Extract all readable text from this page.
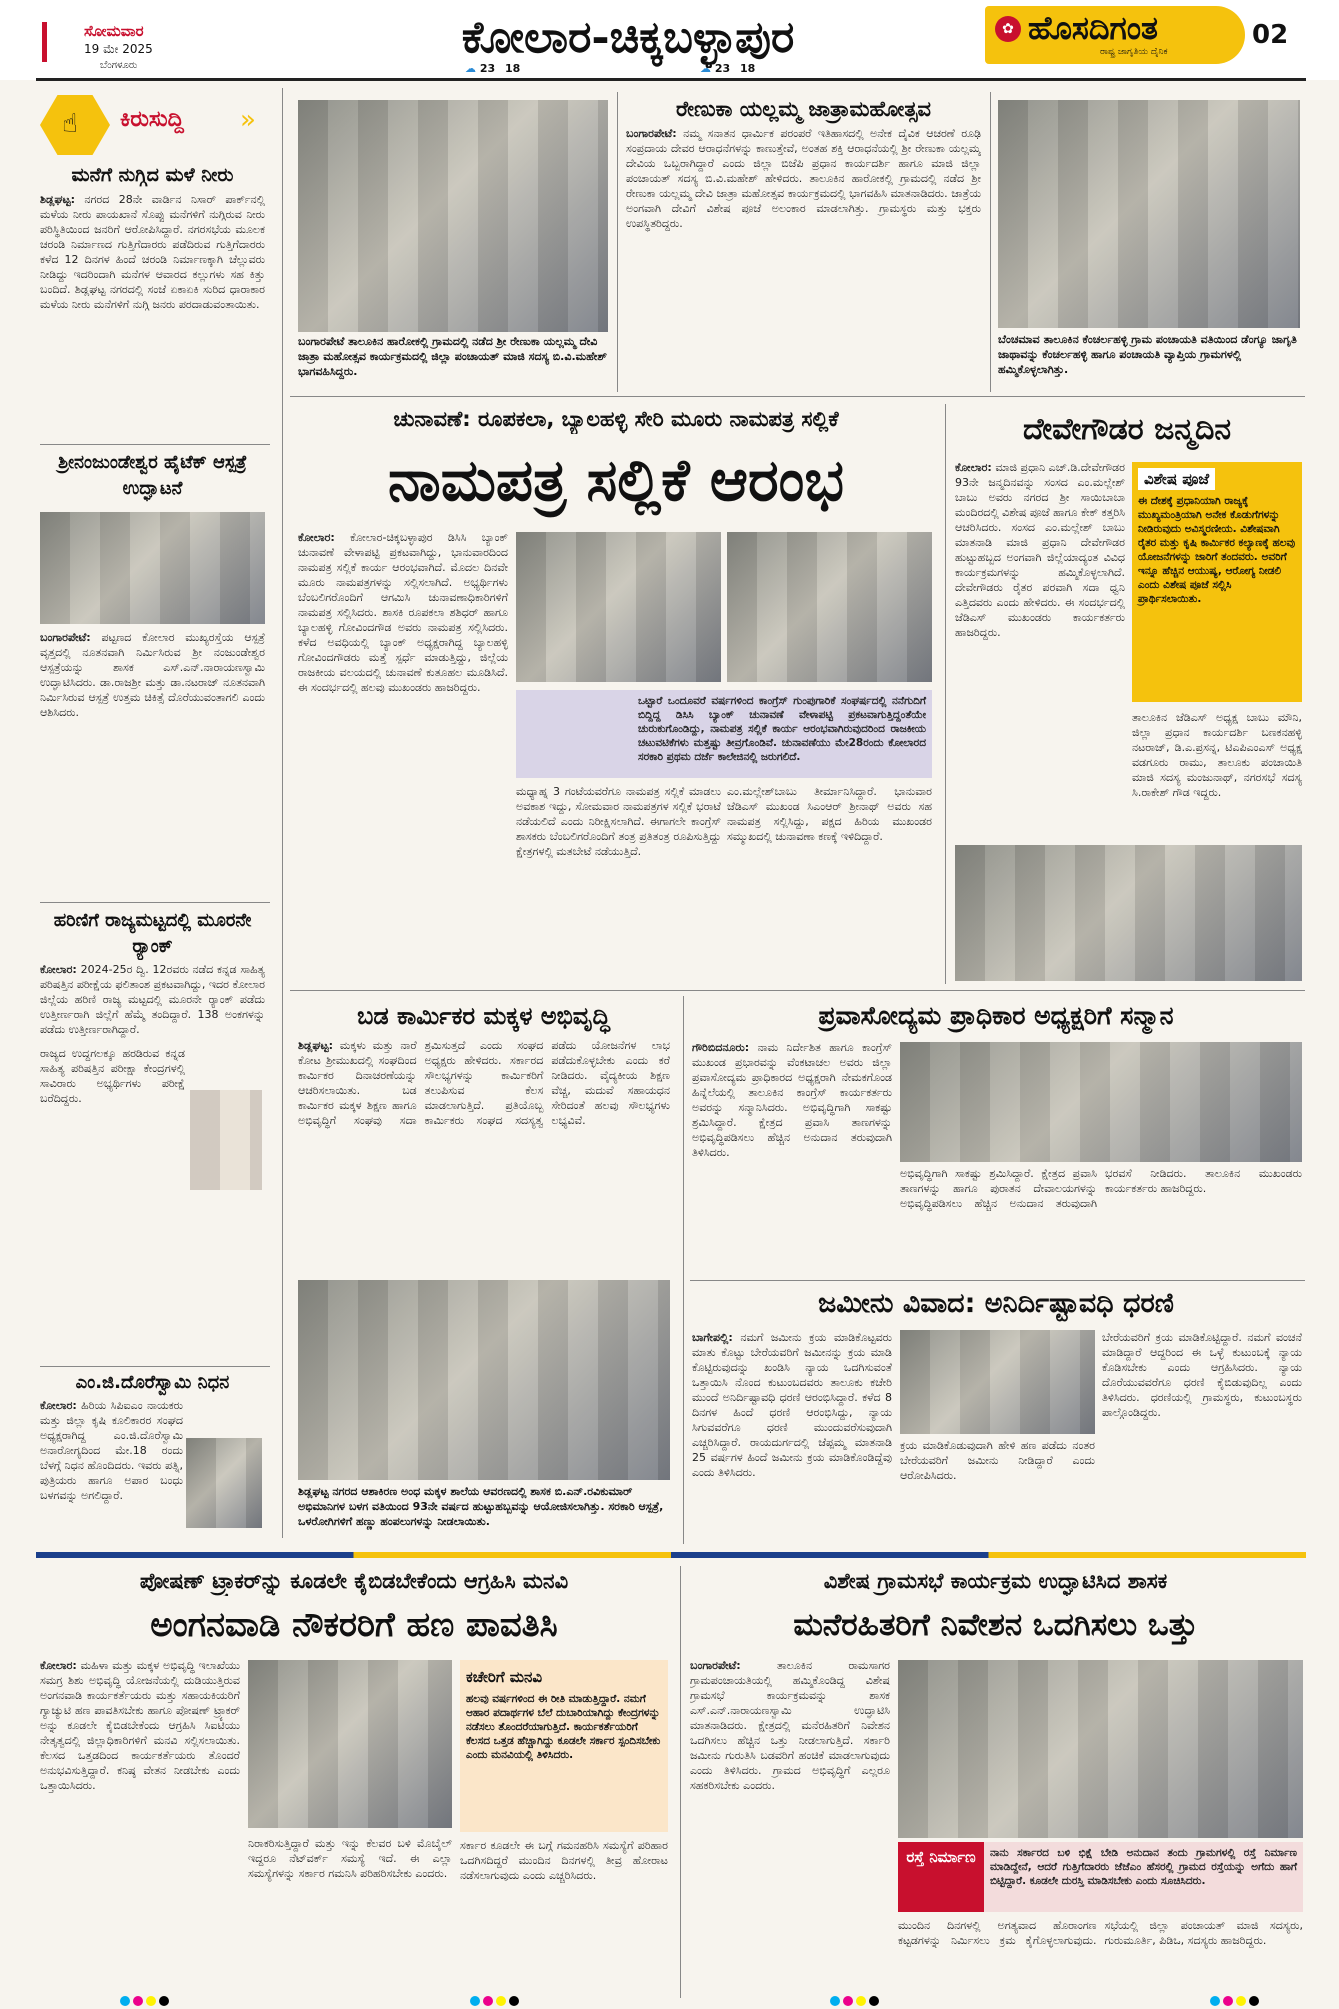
ಸೋಮವಾರ
19 ಮೇ 2025
ಬೆಂಗಳೂರು
ಕೋಲಾರ-ಚಿಕ್ಕಬಳ್ಳಾಪುರ
☁ 23 18	☁ 23 18
✿ ಹೊಸದಿಗಂತ
ರಾಷ್ಟ್ರ ಜಾಗೃತಿಯ ದೈನಿಕ
02
☝ ಕಿರುಸುದ್ದಿ »
ಮನೆಗೆ ನುಗ್ಗಿದ ಮಳೆ ನೀರು
ಶಿಡ್ಲಘಟ್ಟ: ನಗರದ 28ನೇ ವಾರ್ಡಿನ ನಿಸಾರ್ ಪಾರ್ಕ್‌ನಲ್ಲಿ ಮಳೆಯ ನೀರು ಪಾಯಖಾನೆ ಸೊಪ್ಪು ಮನೆಗಳಿಗೆ ನುಗ್ಗಿರುವ ನೀರು ಪರಿಸ್ಥಿತಿಯಿಂದ ಜನರಿಗೆ ಆರೋಪಿಸಿದ್ದಾರೆ. ನಗರಸಭೆಯ ಮೂಲಕ ಚರಂಡಿ ನಿರ್ಮಾಣದ ಗುತ್ತಿಗೆದಾರರು ಪಡೆದಿರುವ ಗುತ್ತಿಗೆದಾರರು ಕಳೆದ 12 ದಿನಗಳ ಹಿಂದೆ ಚರಂಡಿ ನಿರ್ಮಾಣಕ್ಕಾಗಿ ಚೆಲ್ಲುವರು ನೀಡಿದ್ದು ಇದರಿಂದಾಗಿ ಮನೆಗಳ ಆವಾರದ ಕಲ್ಲುಗಳು ಸಹ ಕಿತ್ತು ಬಂದಿದೆ. ಶಿಡ್ಲಘಟ್ಟ ನಗರದಲ್ಲಿ ಸಂಜೆ ಏಕಾಏಕಿ ಸುರಿದ ಧಾರಾಕಾರ ಮಳೆಯ ನೀರು ಮನೆಗಳಿಗೆ ನುಗ್ಗಿ ಜನರು ಪರದಾಡುವಂತಾಯಿತು.
ಶ್ರೀನಂಜುಂಡೇಶ್ವರ ಹೈಟೆಕ್ ಆಸ್ಪತ್ರೆ ಉದ್ಘಾಟನೆ
ಬಂಗಾರಪೇಟೆ: ಪಟ್ಟಣದ ಕೋಲಾರ ಮುಖ್ಯರಸ್ತೆಯ ಆಸ್ಪತ್ರೆ ವೃತ್ತದಲ್ಲಿ ನೂತನವಾಗಿ ನಿರ್ಮಿಸಿರುವ ಶ್ರೀ ನಂಜುಂಡೇಶ್ವರ ಆಸ್ಪತ್ರೆಯನ್ನು ಶಾಸಕ ಎಸ್.ಎನ್.ನಾರಾಯಣಸ್ವಾಮಿ ಉದ್ಘಾಟಿಸಿದರು. ಡಾ.ರಾಜಶ್ರೀ ಮತ್ತು ಡಾ.ನಟರಾಜ್ ನೂತನವಾಗಿ ನಿರ್ಮಿಸಿರುವ ಆಸ್ಪತ್ರೆ ಉತ್ತಮ ಚಿಕಿತ್ಸೆ ದೊರೆಯುವಂತಾಗಲಿ ಎಂದು ಆಶಿಸಿದರು.
ಹರಿಣಿಗೆ ರಾಜ್ಯಮಟ್ಟದಲ್ಲಿ ಮೂರನೇ ರ್‍ಯಾಂಕ್
ಕೋಲಾರ: 2024-25ರ ದ್ವಿ. 12ರವರು ನಡೆದ ಕನ್ನಡ ಸಾಹಿತ್ಯ ಪರಿಷತ್ತಿನ ಪರೀಕ್ಷೆಯ ಫಲಿತಾಂಶ ಪ್ರಕಟವಾಗಿದ್ದು, ಇದರ ಕೋಲಾರ ಜಿಲ್ಲೆಯ ಹರಿಣಿ ರಾಜ್ಯ ಮಟ್ಟದಲ್ಲಿ ಮೂರನೇ ರ್‍ಯಾಂಕ್ ಪಡೆದು ಉತ್ತೀರ್ಣರಾಗಿ ಜಿಲ್ಲೆಗೆ ಹೆಮ್ಮೆ ತಂದಿದ್ದಾರೆ. 138 ಅಂಕಗಳನ್ನು ಪಡೆದು ಉತ್ತೀರ್ಣರಾಗಿದ್ದಾರೆ.
ರಾಜ್ಯದ ಉದ್ದಗಲಕ್ಕೂ ಹರಡಿರುವ ಕನ್ನಡ ಸಾಹಿತ್ಯ ಪರಿಷತ್ತಿನ ಪರೀಕ್ಷಾ ಕೇಂದ್ರಗಳಲ್ಲಿ ಸಾವಿರಾರು ಅಭ್ಯರ್ಥಿಗಳು ಪರೀಕ್ಷೆ ಬರೆದಿದ್ದರು.
ಎಂ.ಜಿ.ದೊರೆಸ್ವಾಮಿ ನಿಧನ
ಕೋಲಾರ: ಹಿರಿಯ ಸಿಪಿಐಎಂ ನಾಯಕರು ಮತ್ತು ಜಿಲ್ಲಾ ಕೃಷಿ ಕೂಲಿಕಾರರ ಸಂಘದ ಅಧ್ಯಕ್ಷರಾಗಿದ್ದ ಎಂ.ಜಿ.ದೊರೆಸ್ವಾಮಿ ಅನಾರೋಗ್ಯದಿಂದ ಮೇ.18 ರಂದು ಬೆಳಗ್ಗೆ ನಿಧನ ಹೊಂದಿದರು. ಇವರು ಪತ್ನಿ, ಪುತ್ರಿಯರು ಹಾಗೂ ಅಪಾರ ಬಂಧು ಬಳಗವನ್ನು ಅಗಲಿದ್ದಾರೆ.
ಬಂಗಾರಪೇಟೆ ತಾಲೂಕಿನ ಹಾರೋಕಲ್ಲಿ ಗ್ರಾಮದಲ್ಲಿ ನಡೆದ ಶ್ರೀ ರೇಣುಕಾ ಯಲ್ಲಮ್ಮ ದೇವಿ ಜಾತ್ರಾ ಮಹೋತ್ಸವ ಕಾರ್ಯಕ್ರಮದಲ್ಲಿ ಜಿಲ್ಲಾ ಪಂಚಾಯತ್ ಮಾಜಿ ಸದಸ್ಯ ಬಿ.ವಿ.ಮಹೇಶ್ ಭಾಗವಹಿಸಿದ್ದರು.
ರೇಣುಕಾ ಯಲ್ಲಮ್ಮ ಜಾತ್ರಾಮಹೋತ್ಸವ
ಬಂಗಾರಪೇಟೆ: ನಮ್ಮ ಸನಾತನ ಧಾರ್ಮಿಕ ಪರಂಪರೆ ಇತಿಹಾಸದಲ್ಲಿ ಅನೇಕ ದೈವಿಕ ಆಚರಣೆ ರೂಢಿ ಸಂಪ್ರದಾಯ ದೇವರ ಆರಾಧನೆಗಳನ್ನು ಕಾಣುತ್ತೇವೆ, ಅಂತಹ ಶಕ್ತಿ ಆರಾಧನೆಯಲ್ಲಿ ಶ್ರೀ ರೇಣುಕಾ ಯಲ್ಲಮ್ಮ ದೇವಿಯ ಒಬ್ಬರಾಗಿದ್ದಾರೆ ಎಂದು ಜಿಲ್ಲಾ ಬಿಜೆಪಿ ಪ್ರಧಾನ ಕಾರ್ಯದರ್ಶಿ ಹಾಗೂ ಮಾಜಿ ಜಿಲ್ಲಾ ಪಂಚಾಯತ್ ಸದಸ್ಯ ಬಿ.ವಿ.ಮಹೇಶ್ ಹೇಳಿದರು. ತಾಲೂಕಿನ ಹಾರೋಕಲ್ಲಿ ಗ್ರಾಮದಲ್ಲಿ ನಡೆದ ಶ್ರೀ ರೇಣುಕಾ ಯಲ್ಲಮ್ಮ ದೇವಿ ಜಾತ್ರಾ ಮಹೋತ್ಸವ ಕಾರ್ಯಕ್ರಮದಲ್ಲಿ ಭಾಗವಹಿಸಿ ಮಾತನಾಡಿದರು. ಜಾತ್ರೆಯ ಅಂಗವಾಗಿ ದೇವಿಗೆ ವಿಶೇಷ ಪೂಜೆ ಅಲಂಕಾರ ಮಾಡಲಾಗಿತ್ತು. ಗ್ರಾಮಸ್ಥರು ಮತ್ತು ಭಕ್ತರು ಉಪಸ್ಥಿತರಿದ್ದರು.
ಬೆಂಚಮಾವ ತಾಲೂಕಿನ ಕೆಂಚರ್ಲಹಳ್ಳಿ ಗ್ರಾಮ ಪಂಚಾಯತಿ ವತಿಯಿಂದ ಡೆಂಗ್ಯೂ ಜಾಗೃತಿ ಜಾಥಾವನ್ನು ಕೆಂಚರ್ಲಹಳ್ಳಿ ಹಾಗೂ ಪಂಚಾಯತಿ ವ್ಯಾಪ್ತಿಯ ಗ್ರಾಮಗಳಲ್ಲಿ ಹಮ್ಮಿಕೊಳ್ಳಲಾಗಿತ್ತು.
ಚುನಾವಣೆ: ರೂಪಕಲಾ, ಬ್ಯಾಲಹಳ್ಳಿ ಸೇರಿ ಮೂರು ನಾಮಪತ್ರ ಸಲ್ಲಿಕೆ
ನಾಮಪತ್ರ ಸಲ್ಲಿಕೆ ಆರಂಭ
ಕೋಲಾರ: ಕೋಲಾರ-ಚಿಕ್ಕಬಳ್ಳಾಪುರ ಡಿಸಿಸಿ ಬ್ಯಾಂಕ್ ಚುನಾವಣೆ ವೇಳಾಪಟ್ಟಿ ಪ್ರಕಟವಾಗಿದ್ದು, ಭಾನುವಾರದಿಂದ ನಾಮಪತ್ರ ಸಲ್ಲಿಕೆ ಕಾರ್ಯ ಆರಂಭವಾಗಿದೆ. ಮೊದಲ ದಿನವೇ ಮೂರು ನಾಮಪತ್ರಗಳನ್ನು ಸಲ್ಲಿಸಲಾಗಿದೆ. ಅಭ್ಯರ್ಥಿಗಳು ಬೆಂಬಲಿಗರೊಂದಿಗೆ ಆಗಮಿಸಿ ಚುನಾವಣಾಧಿಕಾರಿಗಳಿಗೆ ನಾಮಪತ್ರ ಸಲ್ಲಿಸಿದರು. ಶಾಸಕಿ ರೂಪಕಲಾ ಶಶಿಧರ್ ಹಾಗೂ ಬ್ಯಾಲಹಳ್ಳಿ ಗೋವಿಂದಗೌಡ ಅವರು ನಾಮಪತ್ರ ಸಲ್ಲಿಸಿದರು. ಕಳೆದ ಅವಧಿಯಲ್ಲಿ ಬ್ಯಾಂಕ್ ಅಧ್ಯಕ್ಷರಾಗಿದ್ದ ಬ್ಯಾಲಹಳ್ಳಿ ಗೋವಿಂದಗೌಡರು ಮತ್ತೆ ಸ್ಪರ್ಧೆ ಮಾಡುತ್ತಿದ್ದು, ಜಿಲ್ಲೆಯ ರಾಜಕೀಯ ವಲಯದಲ್ಲಿ ಚುನಾವಣೆ ಕುತೂಹಲ ಮೂಡಿಸಿದೆ. ಈ ಸಂದರ್ಭದಲ್ಲಿ ಹಲವು ಮುಖಂಡರು ಹಾಜರಿದ್ದರು.
ಒಟ್ಟಾರೆ ಒಂದೂವರೆ ವರ್ಷಗಳಿಂದ ಕಾಂಗ್ರೆಸ್ ಗುಂಪುಗಾರಿಕೆ ಸಂಘರ್ಷದಲ್ಲಿ ನನೆಗುದಿಗೆ ಬಿದ್ದಿದ್ದ ಡಿಸಿಸಿ ಬ್ಯಾಂಕ್ ಚುನಾವಣೆ ವೇಳಾಪಟ್ಟಿ ಪ್ರಕಟವಾಗುತ್ತಿದ್ದಂತೆಯೇ ಚುರುಕುಗೊಂಡಿದ್ದು, ನಾಮಪತ್ರ ಸಲ್ಲಿಕೆ ಕಾರ್ಯ ಆರಂಭವಾಗಿರುವುದರಿಂದ ರಾಜಕೀಯ ಚಟುವಟಿಕೆಗಳು ಮತ್ತಷ್ಟು ತೀವ್ರಗೊಂಡಿವೆ. ಚುನಾವಣೆಯು ಮೇ28ರಂದು ಕೋಲಾರದ ಸರಕಾರಿ ಪ್ರಥಮ ದರ್ಜೆ ಕಾಲೇಜಿನಲ್ಲಿ ಜರುಗಲಿದೆ.
ಮಧ್ಯಾಹ್ನ 3 ಗಂಟೆಯವರೆಗೂ ನಾಮಪತ್ರ ಸಲ್ಲಿಕೆ ಮಾಡಲು ಅವಕಾಶ ಇದ್ದು, ಸೋಮವಾರ ನಾಮಪತ್ರಗಳ ಸಲ್ಲಿಕೆ ಭರಾಟೆ ನಡೆಯಲಿದೆ ಎಂದು ನಿರೀಕ್ಷಿಸಲಾಗಿದೆ. ಈಗಾಗಲೇ ಕಾಂಗ್ರೆಸ್ ಶಾಸಕರು ಬೆಂಬಲಿಗರೊಂದಿಗೆ ತಂತ್ರ ಪ್ರತಿತಂತ್ರ ರೂಪಿಸುತ್ತಿದ್ದು ಕ್ಷೇತ್ರಗಳಲ್ಲಿ ಮತಬೇಟೆ ನಡೆಯುತ್ತಿದೆ.
ಎಂ.ಮಲ್ಲೇಶ್‌ಬಾಬು ತೀರ್ಮಾನಿಸಿದ್ದಾರೆ. ಭಾನುವಾರ ಜೆಡಿಎಸ್ ಮುಖಂಡ ಸಿಎಂಆರ್ ಶ್ರೀನಾಥ್ ಅವರು ಸಹ ನಾಮಪತ್ರ ಸಲ್ಲಿಸಿದ್ದು, ಪಕ್ಷದ ಹಿರಿಯ ಮುಖಂಡರ ಸಮ್ಮುಖದಲ್ಲಿ ಚುನಾವಣಾ ಕಣಕ್ಕೆ ಇಳಿದಿದ್ದಾರೆ.
ದೇವೇಗೌಡರ ಜನ್ಮದಿನ
ಕೋಲಾರ: ಮಾಜಿ ಪ್ರಧಾನಿ ಎಚ್.ಡಿ.ದೇವೇಗೌಡರ 93ನೇ ಜನ್ಮದಿನವನ್ನು ಸಂಸದ ಎಂ.ಮಲ್ಲೇಶ್ ಬಾಬು ಅವರು ನಗರದ ಶ್ರೀ ಸಾಯಿಬಾಬಾ ಮಂದಿರದಲ್ಲಿ ವಿಶೇಷ ಪೂಜೆ ಹಾಗೂ ಕೇಕ್ ಕತ್ತರಿಸಿ ಆಚರಿಸಿದರು. ಸಂಸದ ಎಂ.ಮಲ್ಲೇಶ್ ಬಾಬು ಮಾತನಾಡಿ ಮಾಜಿ ಪ್ರಧಾನಿ ದೇವೇಗೌಡರ ಹುಟ್ಟುಹಬ್ಬದ ಅಂಗವಾಗಿ ಜಿಲ್ಲೆಯಾದ್ಯಂತ ವಿವಿಧ ಕಾರ್ಯಕ್ರಮಗಳನ್ನು ಹಮ್ಮಿಕೊಳ್ಳಲಾಗಿದೆ. ದೇವೇಗೌಡರು ರೈತರ ಪರವಾಗಿ ಸದಾ ಧ್ವನಿ ಎತ್ತಿದವರು ಎಂದು ಹೇಳಿದರು. ಈ ಸಂದರ್ಭದಲ್ಲಿ ಜೆಡಿಎಸ್ ಮುಖಂಡರು ಕಾರ್ಯಕರ್ತರು ಹಾಜರಿದ್ದರು.
ವಿಶೇಷ ಪೂಜೆ
ಈ ದೇಶಕ್ಕೆ ಪ್ರಧಾನಿಯಾಗಿ ರಾಜ್ಯಕ್ಕೆ ಮುಖ್ಯಮಂತ್ರಿಯಾಗಿ ಅನೇಕ ಕೊಡುಗೆಗಳನ್ನು ನೀಡಿರುವುದು ಅವಿಸ್ಮರಣೀಯ. ವಿಶೇಷವಾಗಿ ರೈತರ ಮತ್ತು ಕೃಷಿ ಕಾರ್ಮಿಕರ ಕಲ್ಯಾಣಕ್ಕೆ ಹಲವು ಯೋಜನೆಗಳನ್ನು ಜಾರಿಗೆ ತಂದವರು. ಅವರಿಗೆ ಇನ್ನೂ ಹೆಚ್ಚಿನ ಆಯುಷ್ಯ, ಆರೋಗ್ಯ ನೀಡಲಿ ಎಂದು ವಿಶೇಷ ಪೂಜೆ ಸಲ್ಲಿಸಿ ಪ್ರಾರ್ಥಿಸಲಾಯಿತು.
ತಾಲೂಕಿನ ಜೆಡಿಎಸ್ ಅಧ್ಯಕ್ಷ ಬಾಬು ಮೌನಿ, ಜಿಲ್ಲಾ ಪ್ರಧಾನ ಕಾರ್ಯದರ್ಶಿ ಬಣಕನಹಳ್ಳಿ ನಟರಾಜ್, ಡಿ.ಎ.ಪ್ರಸನ್ನ, ಟಿಎಪಿಎಂಎಸ್ ಅಧ್ಯಕ್ಷ ವಡಗೂರು ರಾಮು, ತಾಲೂಕು ಪಂಚಾಯಿತಿ ಮಾಜಿ ಸದಸ್ಯ ಮಂಜುನಾಥ್, ನಗರಸಭೆ ಸದಸ್ಯ ಸಿ.ರಾಕೇಶ್ ಗೌಡ ಇದ್ದರು.
ಬಡ ಕಾರ್ಮಿಕರ ಮಕ್ಕಳ ಅಭಿವೃದ್ಧಿ
ಶಿಡ್ಲಘಟ್ಟ: ಮಕ್ಕಳು ಮತ್ತು ನಾರೆ ಕೋಟ ಶ್ರೀಮುಖದಲ್ಲಿ ಸಂಘದಿಂದ ಕಾರ್ಮಿಕರ ದಿನಾಚರಣೆಯನ್ನು ಆಚರಿಸಲಾಯಿತು. ಬಡ ಕಾರ್ಮಿಕರ ಮಕ್ಕಳ ಶಿಕ್ಷಣ ಹಾಗೂ ಅಭಿವೃದ್ಧಿಗೆ ಸಂಘವು ಸದಾ ಶ್ರಮಿಸುತ್ತದೆ ಎಂದು ಸಂಘದ ಅಧ್ಯಕ್ಷರು ಹೇಳಿದರು. ಸರ್ಕಾರದ ಸೌಲಭ್ಯಗಳನ್ನು ಕಾರ್ಮಿಕರಿಗೆ ತಲುಪಿಸುವ ಕೆಲಸ ಮಾಡಲಾಗುತ್ತಿದೆ. ಪ್ರತಿಯೊಬ್ಬ ಕಾರ್ಮಿಕರು ಸಂಘದ ಸದಸ್ಯತ್ವ ಪಡೆದು ಯೋಜನೆಗಳ ಲಾಭ ಪಡೆದುಕೊಳ್ಳಬೇಕು ಎಂದು ಕರೆ ನೀಡಿದರು. ವೈದ್ಯಕೀಯ ಶಿಕ್ಷಣ ವೆಚ್ಚ, ಮದುವೆ ಸಹಾಯಧನ ಸೇರಿದಂತೆ ಹಲವು ಸೌಲಭ್ಯಗಳು ಲಭ್ಯವಿವೆ.
ಶಿಡ್ಲಘಟ್ಟ ನಗರದ ಆಶಾಕಿರಣ ಅಂಧ ಮಕ್ಕಳ ಶಾಲೆಯ ಆವರಣದಲ್ಲಿ ಶಾಸಕ ಬಿ.ಎನ್.ರವಿಕುಮಾರ್ ಅಭಿಮಾನಿಗಳ ಬಳಗ ವತಿಯಿಂದ 93ನೇ ವರ್ಷದ ಹುಟ್ಟುಹಬ್ಬವನ್ನು ಆಯೋಜಿಸಲಾಗಿತ್ತು. ಸರಕಾರಿ ಆಸ್ಪತ್ರೆ, ಒಳರೋಗಿಗಳಿಗೆ ಹಣ್ಣು ಹಂಪಲುಗಳನ್ನು ನೀಡಲಾಯಿತು.
ಪ್ರವಾಸೋದ್ಯಮ ಪ್ರಾಧಿಕಾರ ಅಧ್ಯಕ್ಷರಿಗೆ ಸನ್ಮಾನ
ಗೌರಿಬಿದನೂರು: ನಾಮ ನಿರ್ದೇಶಿತ ಹಾಗೂ ಕಾಂಗ್ರೆಸ್ ಮುಖಂಡ ಪ್ರಭಾರವನ್ನು ವೆಂಕಟಾಚಲ ಅವರು ಜಿಲ್ಲಾ ಪ್ರವಾಸೋದ್ಯಮ ಪ್ರಾಧಿಕಾರದ ಅಧ್ಯಕ್ಷರಾಗಿ ನೇಮಕಗೊಂಡ ಹಿನ್ನೆಲೆಯಲ್ಲಿ ತಾಲೂಕಿನ ಕಾಂಗ್ರೆಸ್ ಕಾರ್ಯಕರ್ತರು ಅವರನ್ನು ಸನ್ಮಾನಿಸಿದರು. ಅಭಿವೃದ್ಧಿಗಾಗಿ ಸಾಕಷ್ಟು ಶ್ರಮಿಸಿದ್ದಾರೆ. ಕ್ಷೇತ್ರದ ಪ್ರವಾಸಿ ತಾಣಗಳನ್ನು ಅಭಿವೃದ್ಧಿಪಡಿಸಲು ಹೆಚ್ಚಿನ ಅನುದಾನ ತರುವುದಾಗಿ ತಿಳಿಸಿದರು.
ಅಭಿವೃದ್ಧಿಗಾಗಿ ಸಾಕಷ್ಟು ಶ್ರಮಿಸಿದ್ದಾರೆ. ಕ್ಷೇತ್ರದ ಪ್ರವಾಸಿ ತಾಣಗಳನ್ನು ಹಾಗೂ ಪುರಾತನ ದೇವಾಲಯಗಳನ್ನು ಅಭಿವೃದ್ಧಿಪಡಿಸಲು ಹೆಚ್ಚಿನ ಅನುದಾನ ತರುವುದಾಗಿ ಭರವಸೆ ನೀಡಿದರು. ತಾಲೂಕಿನ ಮುಖಂಡರು ಕಾರ್ಯಕರ್ತರು ಹಾಜರಿದ್ದರು.
ಜಮೀನು ವಿವಾದ: ಅನಿರ್ದಿಷ್ಟಾವಧಿ ಧರಣಿ
ಬಾಗೇಪಲ್ಲಿ: ನಮಗೆ ಜಮೀನು ಕ್ರಯ ಮಾಡಿಕೊಟ್ಟವರು ಮಾತು ಕೊಟ್ಟು ಬೇರೆಯವರಿಗೆ ಜಮೀನನ್ನು ಕ್ರಯ ಮಾಡಿ ಕೊಟ್ಟಿರುವುದನ್ನು ಖಂಡಿಸಿ ನ್ಯಾಯ ಒದಗಿಸುವಂತೆ ಒತ್ತಾಯಿಸಿ ನೊಂದ ಕುಟುಂಬದವರು ತಾಲೂಕು ಕಚೇರಿ ಮುಂದೆ ಅನಿರ್ದಿಷ್ಟಾವಧಿ ಧರಣಿ ಆರಂಭಿಸಿದ್ದಾರೆ. ಕಳೆದ 8 ದಿನಗಳ ಹಿಂದೆ ಧರಣಿ ಆರಂಭಿಸಿದ್ದು, ನ್ಯಾಯ ಸಿಗುವವರೆಗೂ ಧರಣಿ ಮುಂದುವರೆಸುವುದಾಗಿ ಎಚ್ಚರಿಸಿದ್ದಾರೆ. ರಾಯದುರ್ಗದಲ್ಲಿ ಜೆಪ್ಪಮ್ಮ ಮಾತನಾಡಿ 25 ವರ್ಷಗಳ ಹಿಂದೆ ಜಮೀನು ಕ್ರಯ ಮಾಡಿಕೊಂಡಿದ್ದೆವು ಎಂದು ತಿಳಿಸಿದರು.
ಕ್ರಯ ಮಾಡಿಕೊಡುವುದಾಗಿ ಹೇಳಿ ಹಣ ಪಡೆದು ನಂತರ ಬೇರೆಯವರಿಗೆ ಜಮೀನು ನೀಡಿದ್ದಾರೆ ಎಂದು ಆರೋಪಿಸಿದರು.
ಬೇರೆಯವರಿಗೆ ಕ್ರಯ ಮಾಡಿಕೊಟ್ಟಿದ್ದಾರೆ. ನಮಗೆ ವಂಚನೆ ಮಾಡಿದ್ದಾರೆ ಆದ್ದರಿಂದ ಈ ಒಳ್ಳೆ ಕುಟುಂಬಕ್ಕೆ ನ್ಯಾಯ ಕೊಡಿಸಬೇಕು ಎಂದು ಆಗ್ರಹಿಸಿದರು. ನ್ಯಾಯ ದೊರೆಯುವವರೆಗೂ ಧರಣಿ ಕೈಬಿಡುವುದಿಲ್ಲ ಎಂದು ತಿಳಿಸಿದರು. ಧರಣಿಯಲ್ಲಿ ಗ್ರಾಮಸ್ಥರು, ಕುಟುಂಬಸ್ಥರು ಪಾಲ್ಗೊಂಡಿದ್ದರು.
ಪೋಷಣ್ ಟ್ರ್ಯಾಕರ್‌ನ್ನು ಕೂಡಲೇ ಕೈಬಿಡಬೇಕೆಂದು ಆಗ್ರಹಿಸಿ ಮನವಿ
ಅಂಗನವಾಡಿ ನೌಕರರಿಗೆ ಹಣ ಪಾವತಿಸಿ
ಕೋಲಾರ: ಮಹಿಳಾ ಮತ್ತು ಮಕ್ಕಳ ಅಭಿವೃದ್ಧಿ ಇಲಾಖೆಯು ಸಮಗ್ರ ಶಿಶು ಅಭಿವೃದ್ಧಿ ಯೋಜನೆಯಲ್ಲಿ ದುಡಿಯುತ್ತಿರುವ ಅಂಗನವಾಡಿ ಕಾರ್ಯಕರ್ತೆಯರು ಮತ್ತು ಸಹಾಯಕಿಯರಿಗೆ ಗ್ಯಾಚ್ಯುಟಿ ಹಣ ಪಾವತಿಸಬೇಕು ಹಾಗೂ ಪೋಷಣ್ ಟ್ರ್ಯಾಕರ್ ಅನ್ನು ಕೂಡಲೇ ಕೈಬಿಡಬೇಕೆಂದು ಆಗ್ರಹಿಸಿ ಸಿಐಟಿಯು ನೇತೃತ್ವದಲ್ಲಿ ಜಿಲ್ಲಾಧಿಕಾರಿಗಳಿಗೆ ಮನವಿ ಸಲ್ಲಿಸಲಾಯಿತು. ಕೆಲಸದ ಒತ್ತಡದಿಂದ ಕಾರ್ಯಕರ್ತೆಯರು ತೊಂದರೆ ಅನುಭವಿಸುತ್ತಿದ್ದಾರೆ. ಕನಿಷ್ಠ ವೇತನ ನೀಡಬೇಕು ಎಂದು ಒತ್ತಾಯಿಸಿದರು.
ನಿರಾಕರಿಸುತ್ತಿದ್ದಾರೆ ಮತ್ತು ಇನ್ನು ಕೆಲವರ ಬಳಿ ಮೊಬೈಲ್ ಇದ್ದರೂ ನೆಟ್‌ವರ್ಕ್ ಸಮಸ್ಯೆ ಇದೆ. ಈ ಎಲ್ಲಾ ಸಮಸ್ಯೆಗಳನ್ನು ಸರ್ಕಾರ ಗಮನಿಸಿ ಪರಿಹರಿಸಬೇಕು ಎಂದರು.
ಕಚೇರಿಗೆ ಮನವಿ
ಹಲವು ವರ್ಷಗಳಿಂದ ಈ ರೀತಿ ಮಾಡುತ್ತಿದ್ದಾರೆ. ನಮಗೆ ಆಹಾರ ಪದಾರ್ಥಗಳ ಬೆಲೆ ದುಬಾರಿಯಾಗಿದ್ದು ಕೇಂದ್ರಗಳನ್ನು ನಡೆಸಲು ತೊಂದರೆಯಾಗುತ್ತಿದೆ. ಕಾರ್ಯಕರ್ತೆಯರಿಗೆ ಕೆಲಸದ ಒತ್ತಡ ಹೆಚ್ಚಾಗಿದ್ದು ಕೂಡಲೇ ಸರ್ಕಾರ ಸ್ಪಂದಿಸಬೇಕು ಎಂದು ಮನವಿಯಲ್ಲಿ ತಿಳಿಸಿದರು.
ಸರ್ಕಾರ ಕೂಡಲೇ ಈ ಬಗ್ಗೆ ಗಮನಹರಿಸಿ ಸಮಸ್ಯೆಗೆ ಪರಿಹಾರ ಒದಗಿಸದಿದ್ದರೆ ಮುಂದಿನ ದಿನಗಳಲ್ಲಿ ತೀವ್ರ ಹೋರಾಟ ನಡೆಸಲಾಗುವುದು ಎಂದು ಎಚ್ಚರಿಸಿದರು.
ವಿಶೇಷ ಗ್ರಾಮಸಭೆ ಕಾರ್ಯಕ್ರಮ ಉದ್ಘಾಟಿಸಿದ ಶಾಸಕ
ಮನೆರಹಿತರಿಗೆ ನಿವೇಶನ ಒದಗಿಸಲು ಒತ್ತು
ಬಂಗಾರಪೇಟೆ:	ತಾಲೂಕಿನ ರಾಮಸಾಗರ ಗ್ರಾಮಪಂಚಾಯತಿಯಲ್ಲಿ ಹಮ್ಮಿಕೊಂಡಿದ್ದ ವಿಶೇಷ ಗ್ರಾಮಸಭೆ ಕಾರ್ಯಕ್ರಮವನ್ನು ಶಾಸಕ ಎಸ್.ಎನ್.ನಾರಾಯಣಸ್ವಾಮಿ ಉದ್ಘಾಟಿಸಿ ಮಾತನಾಡಿದರು. ಕ್ಷೇತ್ರದಲ್ಲಿ ಮನೆರಹಿತರಿಗೆ ನಿವೇಶನ ಒದಗಿಸಲು ಹೆಚ್ಚಿನ ಒತ್ತು ನೀಡಲಾಗುತ್ತಿದೆ. ಸರ್ಕಾರಿ ಜಮೀನು ಗುರುತಿಸಿ ಬಡವರಿಗೆ ಹಂಚಿಕೆ ಮಾಡಲಾಗುವುದು ಎಂದು ತಿಳಿಸಿದರು. ಗ್ರಾಮದ ಅಭಿವೃದ್ಧಿಗೆ ಎಲ್ಲರೂ ಸಹಕರಿಸಬೇಕು ಎಂದರು.
ರಸ್ತೆ ನಿರ್ಮಾಣ	ನಾನು ಸರ್ಕಾರದ ಬಳಿ ಭಿಕ್ಷೆ ಬೇಡಿ ಅನುದಾನ ತಂದು ಗ್ರಾಮಗಳಲ್ಲಿ ರಸ್ತೆ ನಿರ್ಮಾಣ ಮಾಡಿದ್ದೇನೆ, ಆದರೆ ಗುತ್ತಿಗೆದಾರರು ಜೆಜೆಎಂ ಹೆಸರಲ್ಲಿ ಗ್ರಾಮದ ರಸ್ತೆಯನ್ನು ಅಗೆದು ಹಾಗೆ ಬಿಟ್ಟಿದ್ದಾರೆ. ಕೂಡಲೇ ದುರಸ್ತಿ ಮಾಡಿಸಬೇಕು ಎಂದು ಸೂಚಿಸಿದರು.
ಮುಂದಿನ ದಿನಗಳಲ್ಲಿ ಅಗತ್ಯವಾದ ಹೊರಾಂಗಣ ಕಟ್ಟಡಗಳನ್ನು ನಿರ್ಮಿಸಲು ಕ್ರಮ ಕೈಗೊಳ್ಳಲಾಗುವುದು. ಸಭೆಯಲ್ಲಿ ಜಿಲ್ಲಾ ಪಂಚಾಯತ್ ಮಾಜಿ ಸದಸ್ಯರು, ಗುರುಮೂರ್ತಿ, ಪಿಡಿಒ, ಸದಸ್ಯರು ಹಾಜರಿದ್ದರು.
